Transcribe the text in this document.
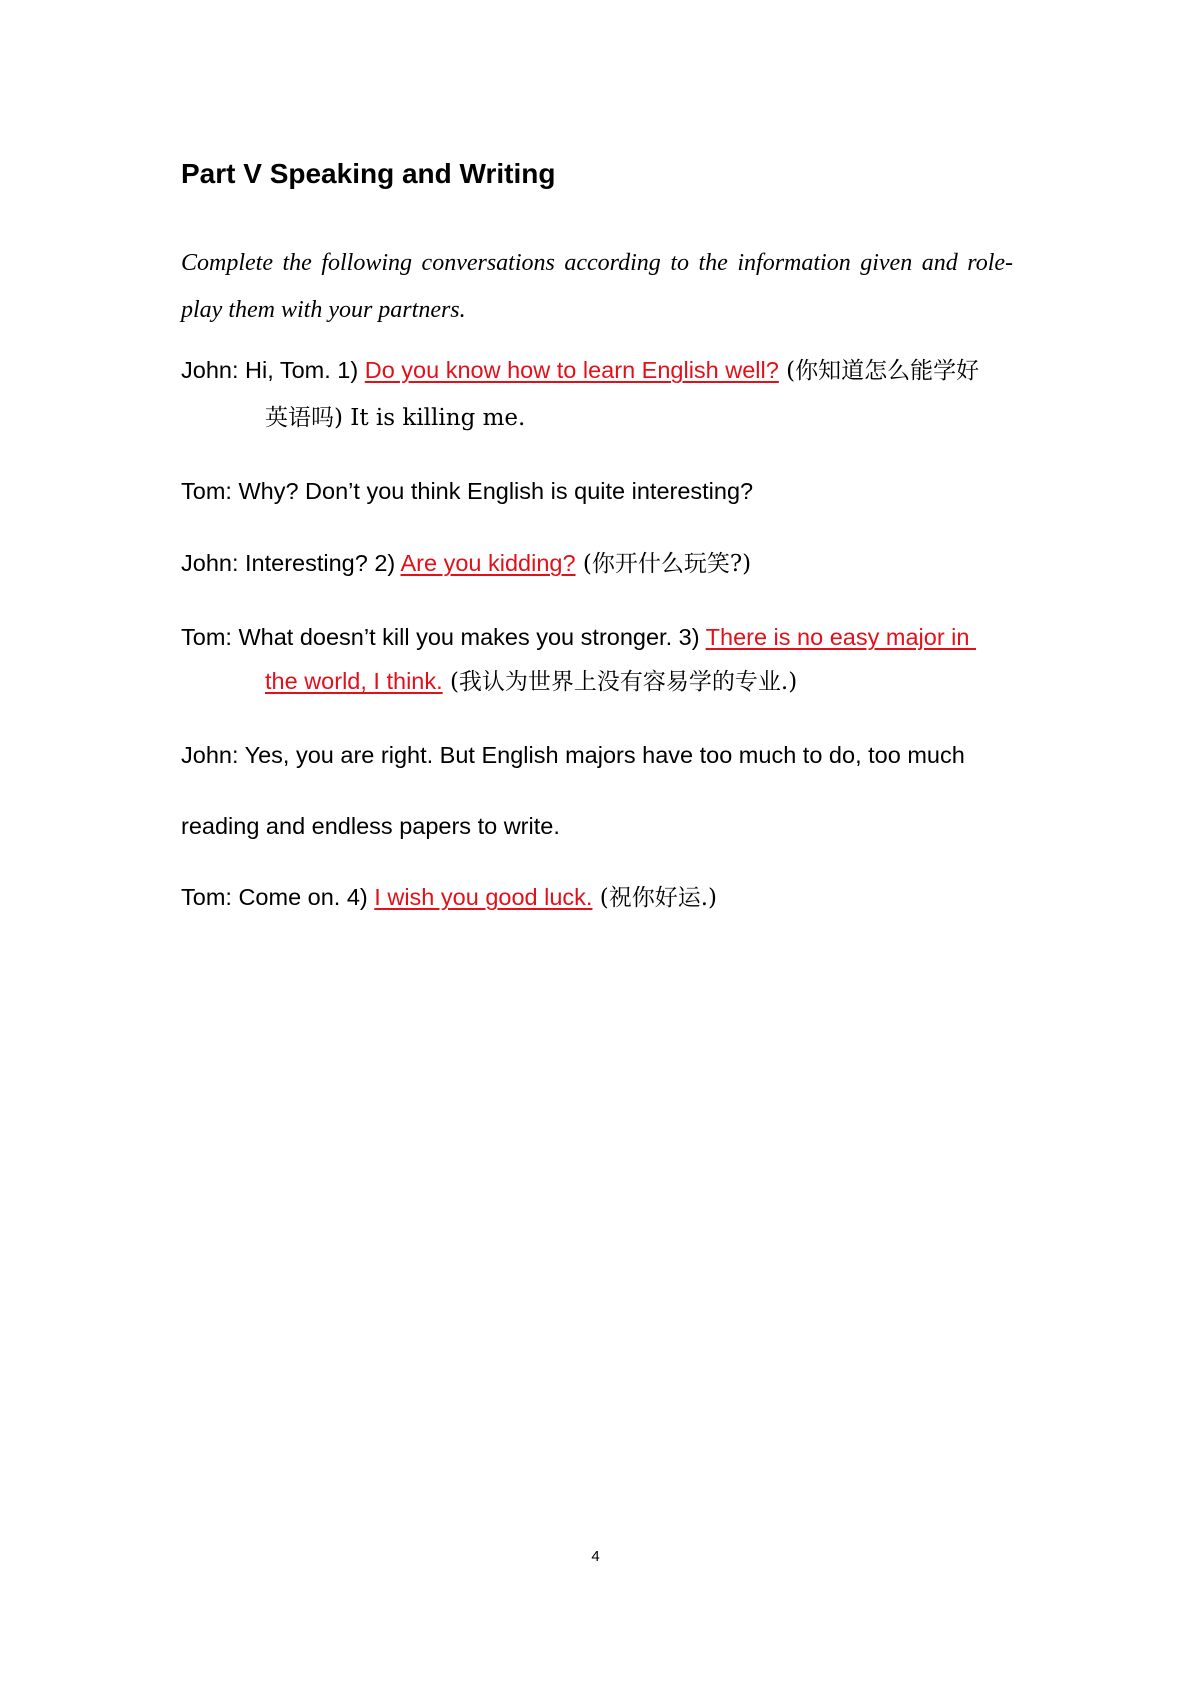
Part V Speaking and Writing
Complete the following conversations according to the information given and role-play them with your partners.
John: Hi, Tom. 1) Do you know how to learn English well? (你知道怎么能学好
英语吗) It is killing me.
Tom: Why? Don’t you think English is quite interesting?
John: Interesting? 2) Are you kidding? (你开什么玩笑?)
Tom: What doesn’t kill you makes you stronger. 3) There is no easy major in
the world, I think. (我认为世界上没有容易学的专业.)
John: Yes, you are right. But English majors have too much to do, too much
reading and endless papers to write.
Tom: Come on. 4) I wish you good luck. (祝你好运.)
4
